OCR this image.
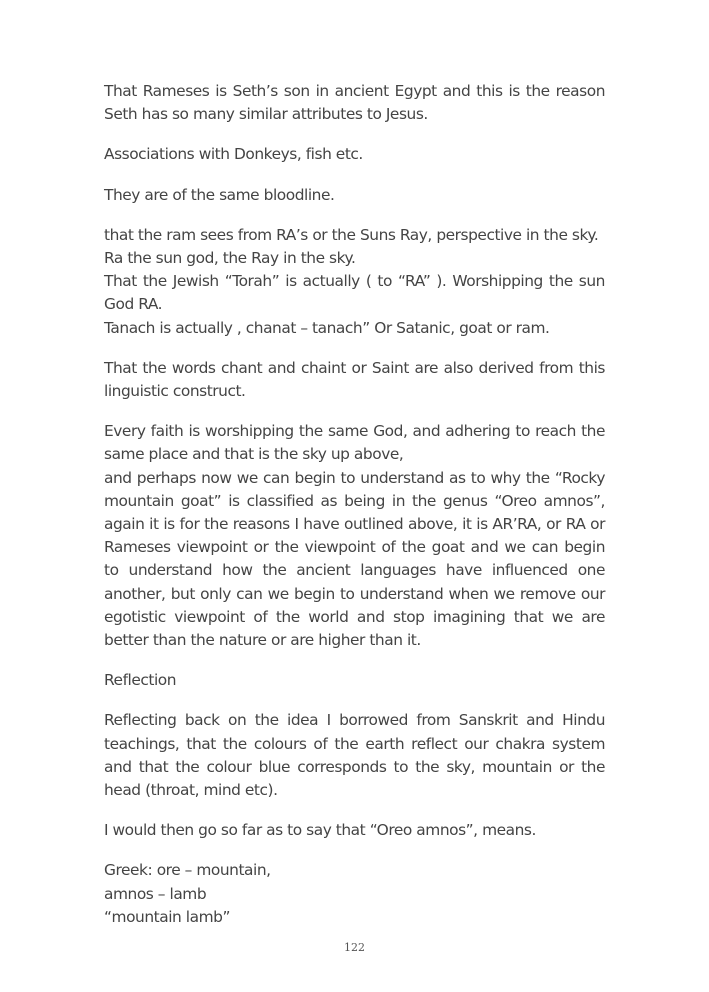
That Rameses is Seth’s son in ancient Egypt and this is the reason Seth has so many similar attributes to Jesus.

Associations with Donkeys, fish etc.

They are of the same bloodline.

that the ram sees from RA’s or the Suns Ray, perspective in the sky.
Ra the sun god, the Ray in the sky.
That the Jewish “Torah” is actually ( to “RA” ). Worshipping the sun God RA.
Tanach is actually , chanat – tanach” Or Satanic, goat or ram.

That the words chant and chaint or Saint are also derived from this linguistic construct.

Every faith is worshipping the same God, and adhering to reach the same place and that is the sky up above,
and perhaps now we can begin to understand as to why the “Rocky mountain goat” is classified as being in the genus “Oreo amnos”, again it is for the reasons I have outlined above, it is AR’RA, or RA or Rameses viewpoint or the viewpoint of the goat and we can begin to understand how the ancient languages have influenced one another, but only can we begin to understand when we remove our egotistic viewpoint of the world and stop imagining that we are better than the nature or are higher than it.

Reflection

Reflecting back on the idea I borrowed from Sanskrit and Hindu teachings, that the colours of the earth reflect our chakra system and that the colour blue corresponds to the sky, mountain or the head (throat, mind etc).

I would then go so far as to say that “Oreo amnos”, means.

Greek: ore – mountain,
amnos – lamb
“mountain lamb”

122
